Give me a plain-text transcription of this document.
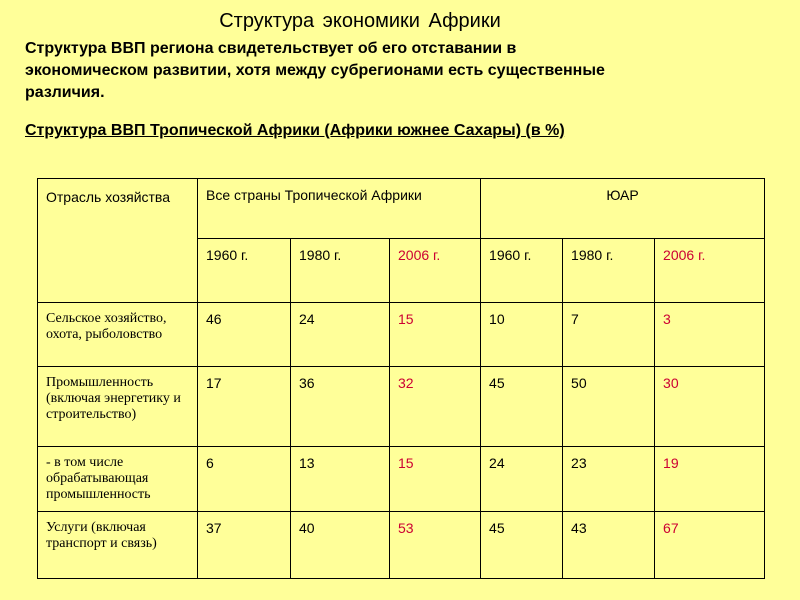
Структура экономики Африки
Структура ВВП региона свидетельствует об его отставании в экономическом развитии, хотя между субрегионами есть существенные различия.
Структура ВВП Тропической Африки (Африки южнее Сахары) (в %)
Отрасль хозяйства	Все страны Тропической Африки			ЮАР		
	1960 г.	1980 г.	2006 г.	1960 г.	1980 г.	2006 г.
Сельское хозяйство, охота, рыболовство	46	24	15	10	7	3
Промышленность (включая энергетику и строительство)	17	36	32	45	50	30
- в том числе обрабатывающая промышленность	6	13	15	24	23	19
Услуги (включая транспорт и связь)	37	40	53	45	43	67
